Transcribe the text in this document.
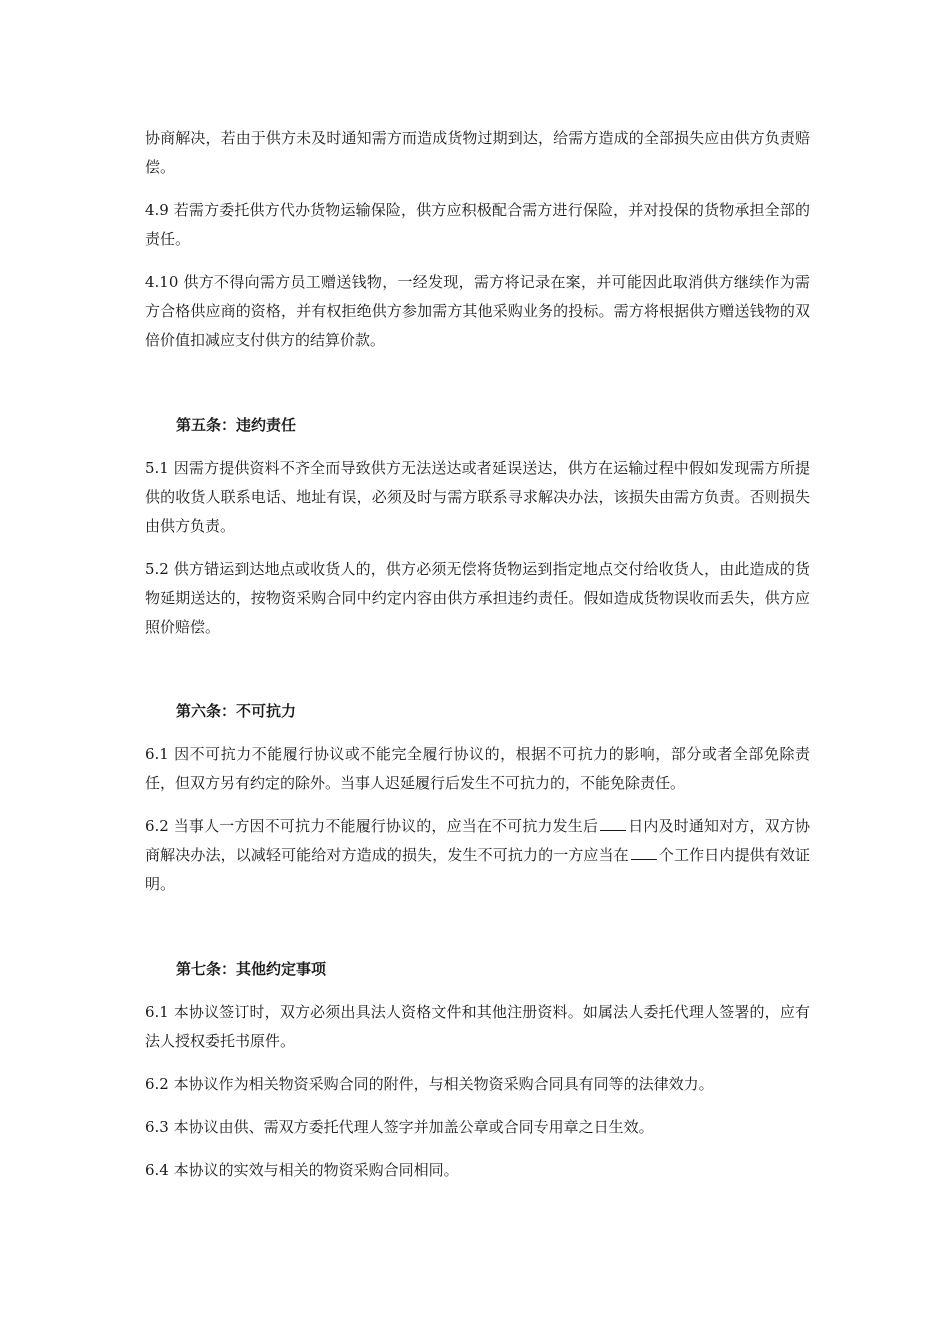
协商解决，若由于供方未及时通知需方而造成货物过期到达，给需方造成的全部损失应由供方负责赔偿。

4.9 若需方委托供方代办货物运输保险，供方应积极配合需方进行保险，并对投保的货物承担全部的责任。

4.10 供方不得向需方员工赠送钱物，一经发现，需方将记录在案，并可能因此取消供方继续作为需方合格供应商的资格，并有权拒绝供方参加需方其他采购业务的投标。需方将根据供方赠送钱物的双倍价值扣减应支付供方的结算价款。

第五条：违约责任

5.1 因需方提供资料不齐全而导致供方无法送达或者延误送达，供方在运输过程中假如发现需方所提供的收货人联系电话、地址有误，必须及时与需方联系寻求解决办法，该损失由需方负责。否则损失由供方负责。

5.2 供方错运到达地点或收货人的，供方必须无偿将货物运到指定地点交付给收货人，由此造成的货物延期送达的，按物资采购合同中约定内容由供方承担违约责任。假如造成货物误收而丢失，供方应照价赔偿。

第六条：不可抗力

6.1 因不可抗力不能履行协议或不能完全履行协议的，根据不可抗力的影响，部分或者全部免除责任，但双方另有约定的除外。当事人迟延履行后发生不可抗力的，不能免除责任。

6.2 当事人一方因不可抗力不能履行协议的，应当在不可抗力发生后 日内及时通知对方，双方协商解决办法，以减轻可能给对方造成的损失，发生不可抗力的一方应当在 个工作日内提供有效证明。

第七条：其他约定事项

6.1 本协议签订时，双方必须出具法人资格文件和其他注册资料。如属法人委托代理人签署的，应有法人授权委托书原件。

6.2 本协议作为相关物资采购合同的附件，与相关物资采购合同具有同等的法律效力。

6.3 本协议由供、需双方委托代理人签字并加盖公章或合同专用章之日生效。

6.4 本协议的实效与相关的物资采购合同相同。
